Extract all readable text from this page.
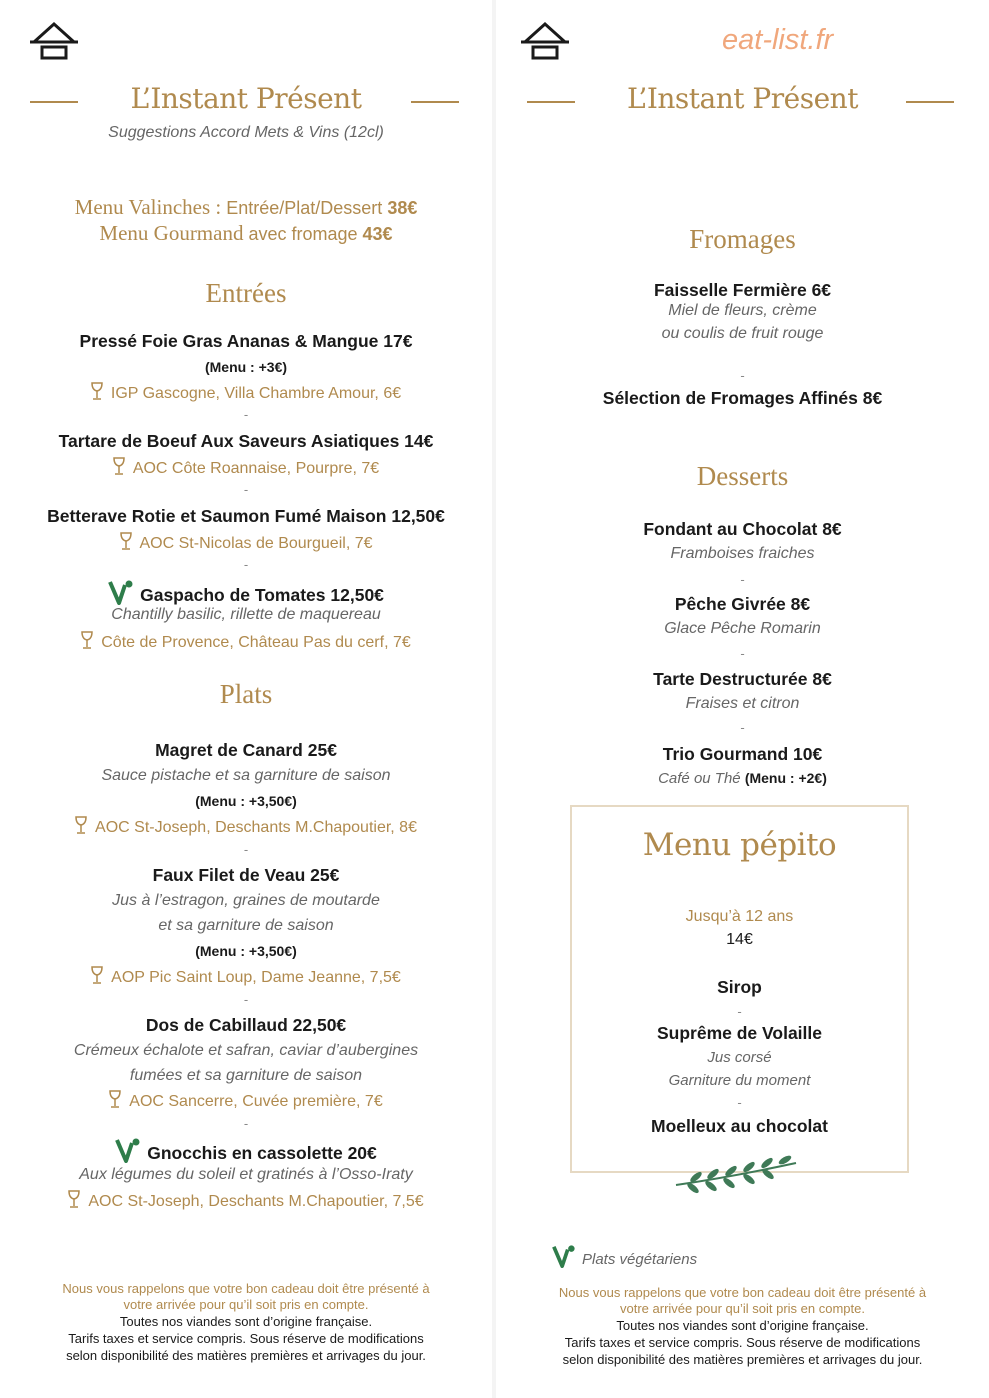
L’Instant Présent
Suggestions Accord Mets & Vins (12cl)
Menu Valinches : Entrée/Plat/Dessert 38€
Menu Gourmand avec fromage 43€
Entrées
Pressé Foie Gras Ananas & Mangue 17€
(Menu : +3€)
IGP Gascogne, Villa Chambre Amour, 6€
-
Tartare de Boeuf Aux Saveurs Asiatiques 14€
AOC Côte Roannaise, Pourpre, 7€
-
Betterave Rotie et Saumon Fumé Maison 12,50€
AOC St-Nicolas de Bourgueil, 7€
-
Gaspacho de Tomates 12,50€
Chantilly basilic, rillette de maquereau
Côte de Provence, Château Pas du cerf, 7€
Plats
Magret de Canard 25€
Sauce pistache et sa garniture de saison
(Menu : +3,50€)
AOC St-Joseph, Deschants M.Chapoutier, 8€
-
Faux Filet de Veau 25€
Jus à l’estragon, graines de moutarde
et sa garniture de saison
(Menu : +3,50€)
AOP Pic Saint Loup, Dame Jeanne, 7,5€
-
Dos de Cabillaud 22,50€
Crémeux échalote et safran, caviar d’aubergines
fumées et sa garniture de saison
AOC Sancerre, Cuvée première, 7€
-
Gnocchis en cassolette 20€
Aux légumes du soleil et gratinés à l’Osso-Iraty
AOC St-Joseph, Deschants M.Chapoutier, 7,5€
Nous vous rappelons que votre bon cadeau doit être présenté à
votre arrivée pour qu’il soit pris en compte.
Toutes nos viandes sont d’origine française.
Tarifs taxes et service compris. Sous réserve de modifications
selon disponibilité des matières premières et arrivages du jour.
eat-list.fr
L’Instant Présent
Fromages
Faisselle Fermière 6€
Miel de fleurs, crème
ou coulis de fruit rouge
-
Sélection de Fromages Affinés 8€
Desserts
Fondant au Chocolat 8€
Framboises fraiches
-
Pêche Givrée 8€
Glace Pêche Romarin
-
Tarte Destructurée 8€
Fraises et citron
-
Trio Gourmand 10€
Café ou Thé (Menu : +2€)
Menu pépito
Jusqu’à 12 ans
14€
Sirop
-
Suprême de Volaille
Jus corsé
Garniture du moment
-
Moelleux au chocolat
Plats végétariens
Nous vous rappelons que votre bon cadeau doit être présenté à
votre arrivée pour qu’il soit pris en compte.
Toutes nos viandes sont d’origine française.
Tarifs taxes et service compris. Sous réserve de modifications
selon disponibilité des matières premières et arrivages du jour.
